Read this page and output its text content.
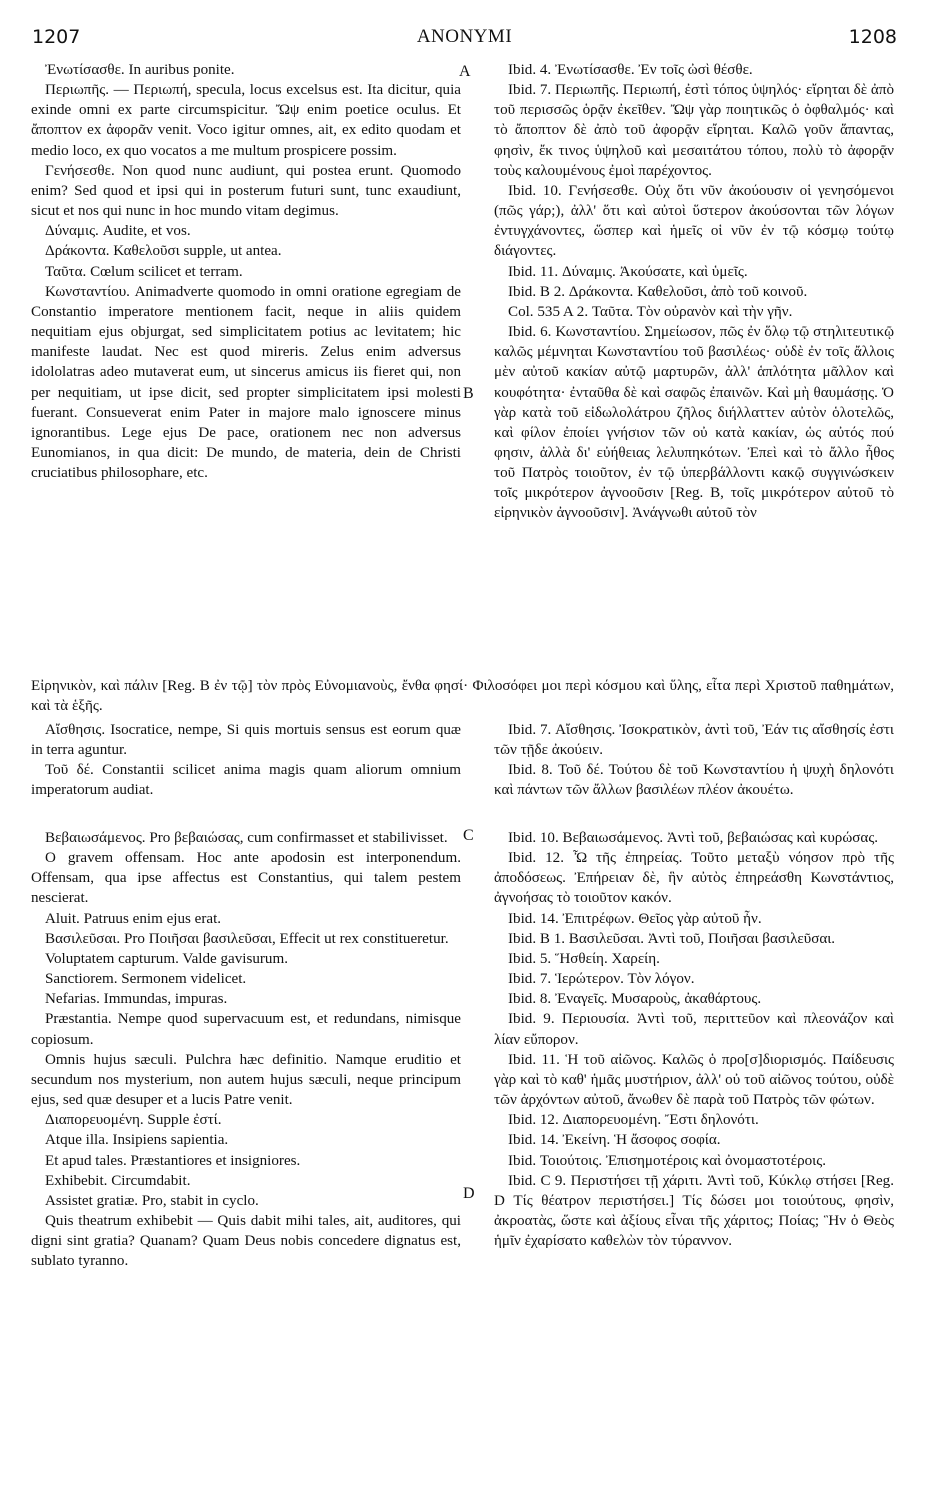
1207	ANONYMI	1208
A
B
C
D

Ἐνωτίσασθε. In auribus ponite.

Περιωπῆς. — Περιωπή, specula, locus excelsus est. Ita dicitur, quia exinde omni ex parte circumspicitur. Ὤψ enim poetice oculus. Et ἄποπτον ex ἀφορᾶν venit. Voco igitur omnes, ait, ex edito quodam et medio loco, ex quo vocatos a me multum prospicere possim.

Γενήσεσθε. Non quod nunc audiunt, qui postea erunt. Quomodo enim? Sed quod et ipsi qui in posterum futuri sunt, tunc exaudiunt, sicut et nos qui nunc in hoc mundo vitam degimus.

Δύναμις. Audite, et vos.

Δράκοντα. Καθελοῦσι supple, ut antea.

Ταῦτα. Cœlum scilicet et terram.

Κωνσταντίου. Animadverte quomodo in omni oratione egregiam de Constantio imperatore mentionem facit, neque in aliis quidem nequitiam ejus objurgat, sed simplicitatem potius ac levitatem; hic manifeste laudat. Nec est quod mireris. Zelus enim adversus idololatras adeo mutaverat eum, ut sincerus amicus iis fieret qui, non per nequitiam, ut ipse dicit, sed propter simplicitatem ipsi molesti fuerant. Consueverat enim Pater in majore malo ignoscere minus ignorantibus. Lege ejus De pace, orationem nec non adversus Eunomianos, in qua dicit: De mundo, de materia, dein de Christi cruciatibus philosophare, etc.

Ibid. 4. Ἐνωτίσασθε. Ἐν τοῖς ὠσὶ θέσθε.

Ibid. 7. Περιωπῆς. Περιωπή, ἐστὶ τόπος ὑψηλός· εἴρηται δὲ ἀπὸ τοῦ περισσῶς ὁρᾷν ἐκεῖθεν. Ὤψ γὰρ ποιητικῶς ὁ ὀφθαλμός· καὶ τὸ ἄποπτον δὲ ἀπὸ τοῦ ἀφορᾷν εἴρηται. Καλῶ γοῦν ἅπαντας, φησὶν, ἔκ τινος ὑψηλοῦ καὶ μεσαιτάτου τόπου, πολὺ τὸ ἀφορᾷν τοὺς καλουμένους ἐμοὶ παρέχοντος.

Ibid. 10. Γενήσεσθε. Οὐχ ὅτι νῦν ἀκούουσιν οἱ γενησόμενοι (πῶς γάρ;), ἀλλ' ὅτι καὶ αὐτοὶ ὕστερον ἀκούσονται τῶν λόγων ἐντυγχάνοντες, ὥσπερ καὶ ἡμεῖς οἱ νῦν ἐν τῷ κόσμῳ τούτῳ διάγοντες.

Ibid. 11. Δύναμις. Ἀκούσατε, καὶ ὑμεῖς.

Ibid. B 2. Δράκοντα. Καθελοῦσι, ἀπὸ τοῦ κοινοῦ.

Col. 535 A 2. Ταῦτα. Τὸν οὐρανὸν καὶ τὴν γῆν.

Ibid. 6. Κωνσταντίου. Σημείωσον, πῶς ἐν ὅλῳ τῷ στηλιτευτικῷ καλῶς μέμνηται Κωνσταντίου τοῦ βασιλέως· οὐδὲ ἐν τοῖς ἄλλοις μὲν αὐτοῦ κακίαν αὐτῷ μαρτυρῶν, ἀλλ' ἁπλότητα μᾶλλον καὶ κουφότητα· ἐνταῦθα δὲ καὶ σαφῶς ἐπαινῶν. Καὶ μὴ θαυμάσῃς. Ὁ γὰρ κατὰ τοῦ εἰδωλολάτρου ζῆλος διήλλαττεν αὐτὸν ὁλοτελῶς, καὶ φίλον ἐποίει γνήσιον τῶν οὐ κατὰ κακίαν, ὡς αὐτός πού φησιν, ἀλλὰ δι' εὐήθειας λελυπηκότων. Ἐπεὶ καὶ τὸ ἄλλο ἦθος τοῦ Πατρὸς τοιοῦτον, ἐν τῷ ὑπερβάλλοντι κακῷ συγγινώσκειν τοῖς μικρότερον ἀγνοοῦσιν [Reg. B, τοῖς μικρότερον αὐτοῦ τὸ εἰρηνικὸν ἀγνοοῦσιν]. Ἀνάγνωθι αὐτοῦ τὸν

Εἰρηνικὸν, καὶ πάλιν [Reg. B ἐν τῷ] τὸν πρὸς Εὐνομιανοὺς, ἔνθα φησί· Φιλοσόφει μοι περὶ κόσμου καὶ ὕλης, εἶτα περὶ Χριστοῦ παθημάτων, καὶ τὰ ἑξῆς.

Αἴσθησις. Isocratice, nempe, Si quis mortuis sensus est eorum quæ in terra aguntur.

Τοῦ δέ. Constantii scilicet anima magis quam aliorum omnium imperatorum audiat.

Ibid. 7. Αἴσθησις. Ἰσοκρατικὸν, ἀντὶ τοῦ, Ἐάν τις αἴσθησίς ἐστι τῶν τῇδε ἀκούειν.

Ibid. 8. Τοῦ δέ. Τούτου δὲ τοῦ Κωνσταντίου ἡ ψυχὴ δηλονότι καὶ πάντων τῶν ἄλλων βασιλέων πλέον ἀκουέτω.

Βεβαιωσάμενος. Pro βεβαιώσας, cum confirmasset et stabilivisset.

O gravem offensam. Hoc ante apodosin est interponendum. Offensam, qua ipse affectus est Constantius, qui talem pestem nescierat.

Aluit. Patruus enim ejus erat.

Βασιλεῦσαι. Pro Ποιῆσαι βασιλεῦσαι, Effecit ut rex constitueretur.

Voluptatem capturum. Valde gavisurum.

Sanctiorem. Sermonem videlicet.

Nefarias. Immundas, impuras.

Præstantia. Nempe quod supervacuum est, et redundans, nimisque copiosum.

Omnis hujus sæculi. Pulchra hæc definitio. Namque eruditio et secundum nos mysterium, non autem hujus sæculi, neque principum ejus, sed quæ desuper et a lucis Patre venit.

Διαπορευομένη. Supple ἐστί.

Atque illa. Insipiens sapientia.

Et apud tales. Præstantiores et insigniores.

Exhibebit. Circumdabit.

Assistet gratiæ. Pro, stabit in cyclo.

Quis theatrum exhibebit — Quis dabit mihi tales, ait, auditores, qui digni sint gratia? Quanam? Quam Deus nobis concedere dignatus est, sublato tyranno.

Ibid. 10. Βεβαιωσάμενος. Ἀντὶ τοῦ, βεβαιώσας καὶ κυρώσας.

Ibid. 12. Ὦ τῆς ἐπηρείας. Τοῦτο μεταξὺ νόησον πρὸ τῆς ἀποδόσεως. Ἐπήρειαν δὲ, ἣν αὐτὸς ἐπηρεάσθη Κωνστάντιος, ἀγνοήσας τὸ τοιοῦτον κακόν.

Ibid. 14. Ἐπιτρέφων. Θεῖος γὰρ αὐτοῦ ἦν.

Ibid. B 1. Βασιλεῦσαι. Ἀντὶ τοῦ, Ποιῆσαι βασιλεῦσαι.

Ibid. 5. Ἥσθείη. Χαρείη.

Ibid. 7. Ἱερώτερον. Τὸν λόγον.

Ibid. 8. Ἐναγεῖς. Μυσαροὺς, ἀκαθάρτους.

Ibid. 9. Περιουσία. Ἀντὶ τοῦ, περιττεῦον καὶ πλεονάζον καὶ λίαν εὔπορον.

Ibid. 11. Ἡ τοῦ αἰῶνος. Καλῶς ὁ προ[σ]διορισμός. Παίδευσις γὰρ καὶ τὸ καθ' ἡμᾶς μυστήριον, ἀλλ' οὐ τοῦ αἰῶνος τούτου, οὐδὲ τῶν ἀρχόντων αὐτοῦ, ἄνωθεν δὲ παρὰ τοῦ Πατρὸς τῶν φώτων.

Ibid. 12. Διαπορευομένη. Ἔστι δηλονότι.

Ibid. 14. Ἐκείνη. Ἡ ἄσοφος σοφία.

Ibid. Τοιούτοις. Ἐπισημοτέροις καὶ ὀνομαστοτέροις.

Ibid. C 9. Περιστήσει τῇ χάριτι. Ἀντὶ τοῦ, Κύκλῳ στήσει [Reg. D Τίς θέατρον περιστήσει.] Τίς δώσει μοι τοιούτους, φησὶν, ἀκροατὰς, ὥστε καὶ ἀξίους εἶναι τῆς χάριτος; Ποίας; Ἣν ὁ Θεὸς ἡμῖν ἐχαρίσατο καθελὼν τὸν τύραννον.
